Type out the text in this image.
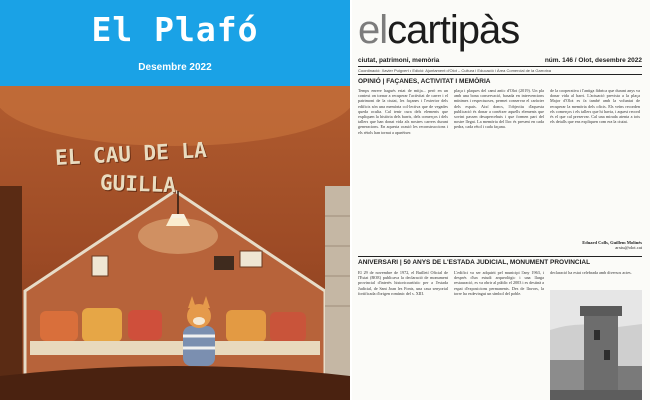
El Plafó
Desembre 2022
EL CAU DE LA
GUILLA
elcartipàs
ciutat, patrimoni, memòria	núm. 146 / Olot, desembre 2022
Coordinació: Xavier Puigvert • Edició: Ajuntament d'Olot – Cultura i Educació i Àrea Comercial de la Garrotxa
OPINIÓ | FAÇANES, ACTIVITAT I MEMÒRIA

Temps enrere hagués estat de mitja... però en un context on tornar a recuperar l'activitat de carrer i el patrimoni de la ciutat, les façanes i l'exterior dels edificis són una memòria col·lectiva que de vegades queda oculta. Cal tenir cura dels elements que expliquen la història dels barris, dels comerços i dels tallers que han donat vida als nostres carrers durant generacions. En aquesta ocasió les reconstruccions i els rètols han tornat a aparèixer.

plaça i plaques del camí antic d'Olot (2019). Un pla amb una bona conservació, basada en intervencions mínimes i respectuoses, permet conservar el caràcter dels espais. Així doncs, l'objectiu d'aquesta publicació és donar a conèixer aquells elements que sovint passen desapercebuts i que formen part del nostre llegat. La memòria del lloc és present en cada pedra, cada rètol i cada façana.

de la cooperativa i l'antiga fàbrica que durant anys va donar vida al barri. L'actuació prevista a la plaça Major d'Olot es fa també amb la voluntat de recuperar la memòria dels oficis. Els veïns recorden els comerços i els tallers que hi havia, i aquest record és el que cal preservar. Cal una mirada atenta a tots els detalls que ens expliquen com era la ciutat.

Eduard Colls, Guillem Molinés
arxiu@olot.cat
ANIVERSARI | 50 ANYS DE L'ESTADA JUDICIAL, MONUMENT PROVINCIAL

El 29 de novembre de 1972, el Butlletí Oficial de l'Estat (BOE) publicava la declaració de monument provincial d'interès historicoartístic per a l'estada Judicial, de Sant Joan les Fonts, una casa senyorial fortificada d'origen romànic del s. XIII.

L'edifici va ser adquirit pel municipi l'any 1963, i després d'un estudi arqueològic i una llarga restauració, es va obrir al públic el 2003 i es destinà a espai d'exposicions permanents. Des de llavors, la torre ha esdevingut un símbol del poble.

declaració ha estat celebrada amb diversos actes.
